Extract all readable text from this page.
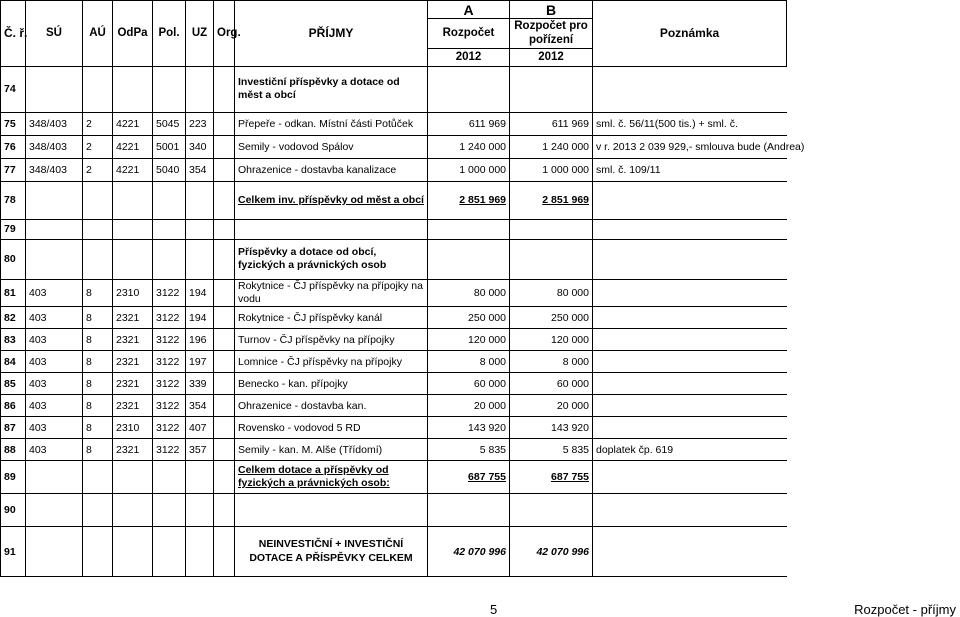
Č. ř.	SÚ	AÚ	OdPa	Pol.	UZ	Org.	PŘÍJMY	A	B	Poznámka
								Rozpočet	Rozpočet pro pořízení	
								2012	2012	
74							Investiční příspěvky a dotace od měst a obcí			
75	348/403	2	4221	5045	223		Přepeře - odkan. Místní části Potůček	611 969	611 969	sml. č. 56/11(500 tis.) + sml. č.
76	348/403	2	4221	5001	340		Semily - vodovod Spálov	1 240 000	1 240 000	v r. 2013 2 039 929,- smlouva bude (Andrea)
77	348/403	2	4221	5040	354		Ohrazenice - dostavba kanalizace	1 000 000	1 000 000	sml. č. 109/11
78							Celkem inv. příspěvky od měst a obcí	2 851 969	2 851 969	
79										
80							Příspěvky a dotace od obcí, fyzických a právnických osob			
81	403	8	2310	3122	194		Rokytnice - ČJ příspěvky na přípojky na vodu	80 000	80 000	
82	403	8	2321	3122	194		Rokytnice - ČJ příspěvky kanál	250 000	250 000	
83	403	8	2321	3122	196		Turnov - ČJ příspěvky na přípojky	120 000	120 000	
84	403	8	2321	3122	197		Lomnice - ČJ příspěvky na přípojky	8 000	8 000	
85	403	8	2321	3122	339		Benecko - kan. přípojky	60 000	60 000	
86	403	8	2321	3122	354		Ohrazenice - dostavba kan.	20 000	20 000	
87	403	8	2310	3122	407		Rovensko - vodovod 5 RD	143 920	143 920	
88	403	8	2321	3122	357		Semily - kan. M. Alše (Třídomí)	5 835	5 835	doplatek čp. 619
89							Celkem dotace a příspěvky od fyzických a právnických osob:	687 755	687 755	
90										
91							NEINVESTIČNÍ + INVESTIČNÍ DOTACE A PŘÍSPĚVKY CELKEM	42 070 996	42 070 996	
5	Rozpočet - příjmy
